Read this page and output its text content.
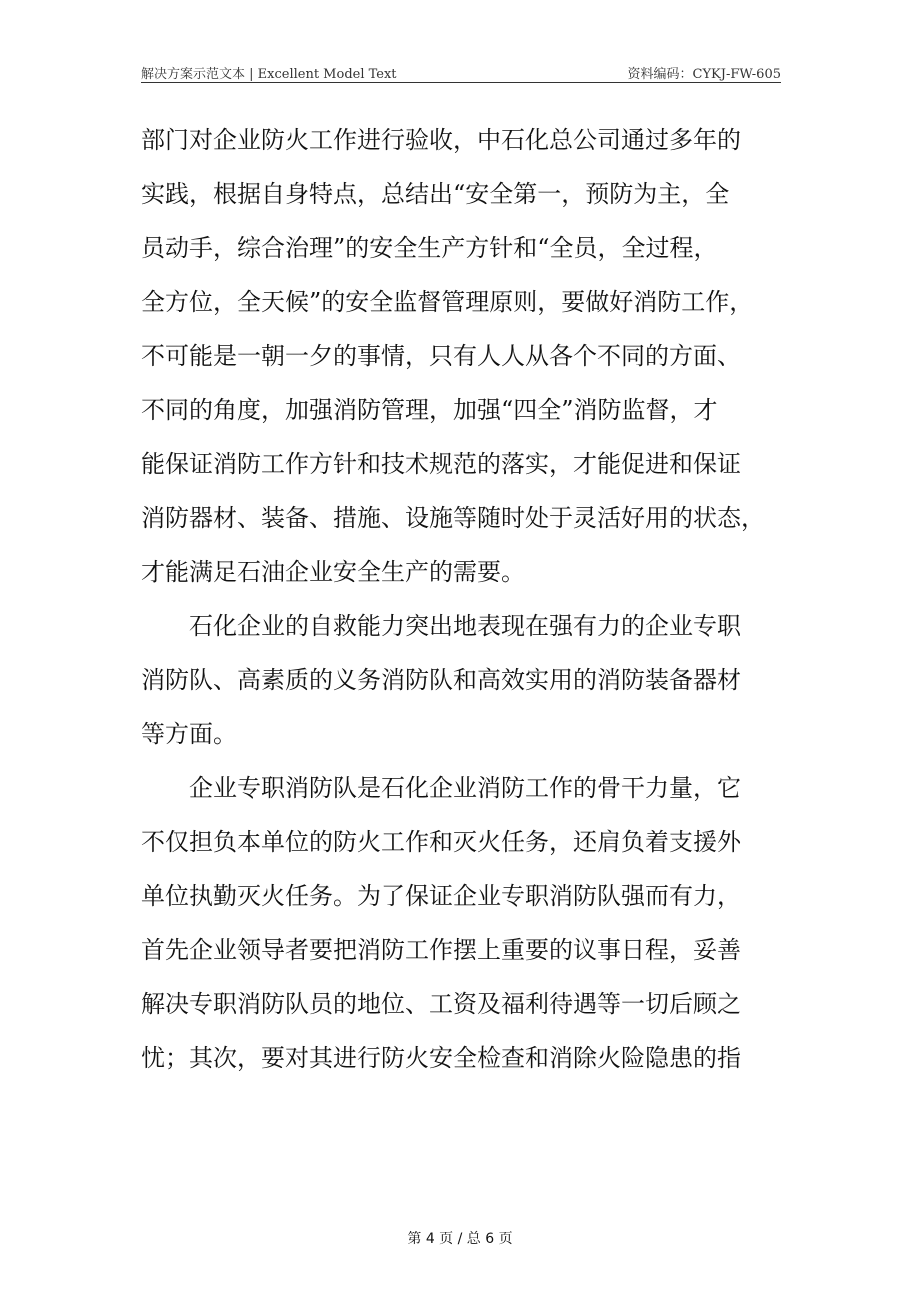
解决方案示范文本 | Excellent Model Text	资料编码：CYKJ-FW-605
部门对企业防火工作进行验收，中石化总公司通过多年的
实践，根据自身特点，总结出“安全第一，预防为主，全
员动手，综合治理”的安全生产方针和“全员，全过程，
全方位，全天候”的安全监督管理原则，要做好消防工作，
不可能是一朝一夕的事情，只有人人从各个不同的方面、
不同的角度，加强消防管理，加强“四全”消防监督，才
能保证消防工作方针和技术规范的落实，才能促进和保证
消防器材、装备、措施、设施等随时处于灵活好用的状态，
才能满足石油企业安全生产的需要。
石化企业的自救能力突出地表现在强有力的企业专职
消防队、高素质的义务消防队和高效实用的消防装备器材
等方面。
企业专职消防队是石化企业消防工作的骨干力量，它
不仅担负本单位的防火工作和灭火任务，还肩负着支援外
单位执勤灭火任务。为了保证企业专职消防队强而有力，
首先企业领导者要把消防工作摆上重要的议事日程，妥善
解决专职消防队员的地位、工资及福利待遇等一切后顾之
忧；其次，要对其进行防火安全检查和消除火险隐患的指
第 4 页 / 总 6 页
